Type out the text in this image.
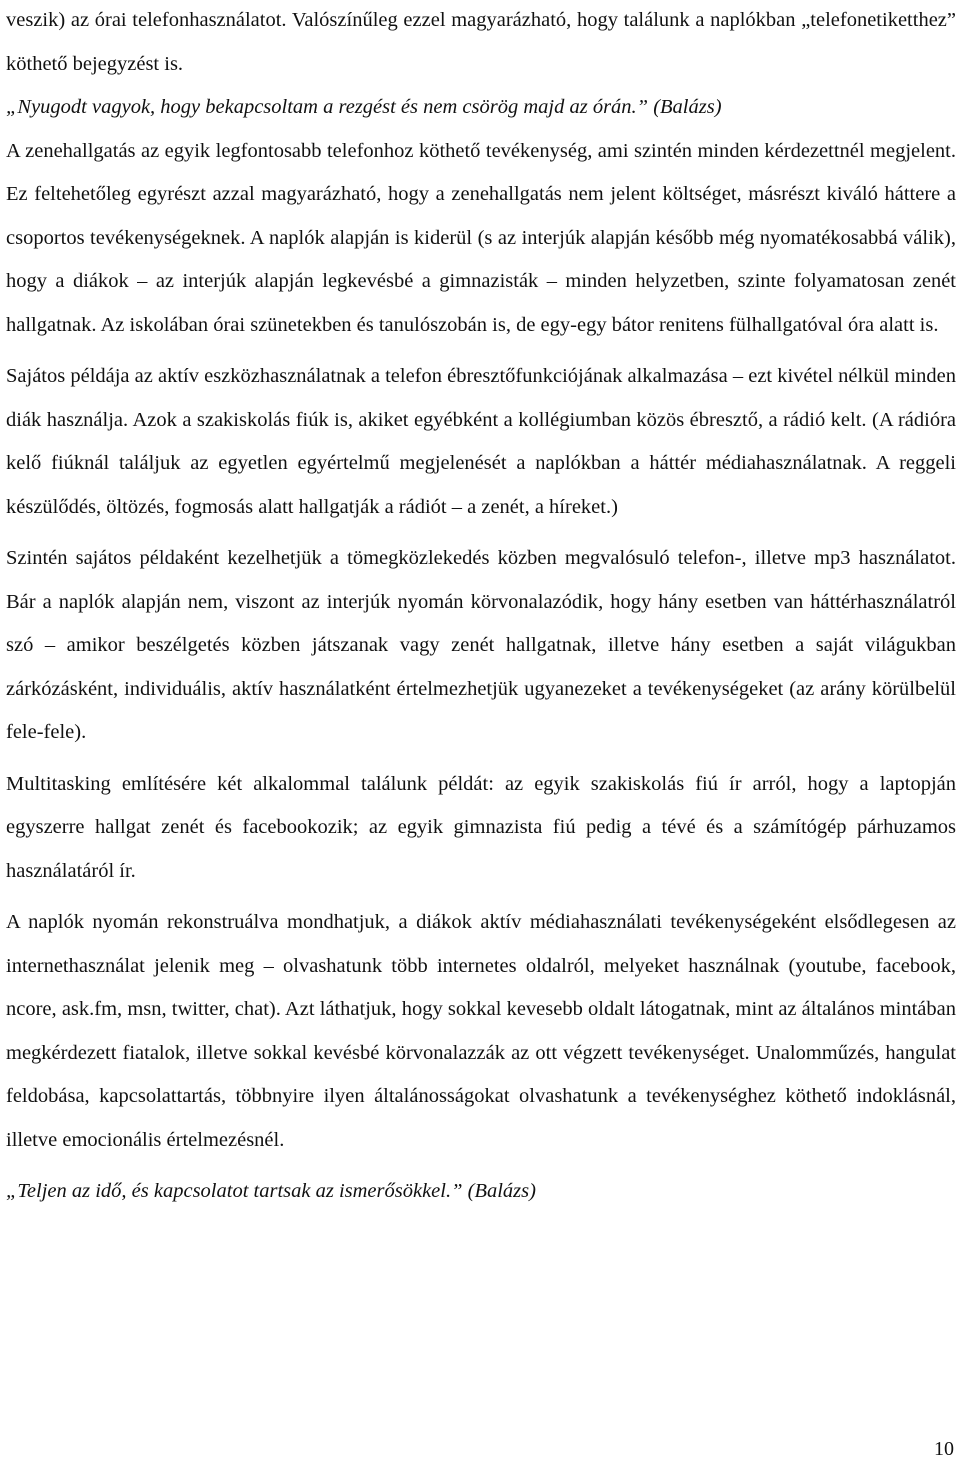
veszik) az órai telefonhasználatot. Valószínűleg ezzel magyarázható, hogy találunk a naplókban „telefonetiketthez” köthető bejegyzést is.

„Nyugodt vagyok, hogy bekapcsoltam a rezgést és nem csörög majd az órán.” (Balázs)

A zenehallgatás az egyik legfontosabb telefonhoz köthető tevékenység, ami szintén minden kérdezettnél megjelent. Ez feltehetőleg egyrészt azzal magyarázható, hogy a zenehallgatás nem jelent költséget, másrészt kiváló háttere a csoportos tevékenységeknek. A naplók alapján is kiderül (s az interjúk alapján később még nyomatékosabbá válik), hogy a diákok – az interjúk alapján legkevésbé a gimnazisták – minden helyzetben, szinte folyamatosan zenét hallgatnak. Az iskolában órai szünetekben és tanulószobán is, de egy-egy bátor renitens fülhallgatóval óra alatt is.

Sajátos példája az aktív eszközhasználatnak a telefon ébresztőfunkciójának alkalmazása – ezt kivétel nélkül minden diák használja. Azok a szakiskolás fiúk is, akiket egyébként a kollégiumban közös ébresztő, a rádió kelt. (A rádióra kelő fiúknál találjuk az egyetlen egyértelmű megjelenését a naplókban a háttér médiahasználatnak. A reggeli készülődés, öltözés, fogmosás alatt hallgatják a rádiót – a zenét, a híreket.)

Szintén sajátos példaként kezelhetjük a tömegközlekedés közben megvalósuló telefon-, illetve mp3 használatot. Bár a naplók alapján nem, viszont az interjúk nyomán körvonalazódik, hogy hány esetben van háttérhasználatról szó – amikor beszélgetés közben játszanak vagy zenét hallgatnak, illetve hány esetben a saját világukban zárkózásként, individuális, aktív használatként értelmezhetjük ugyanezeket a tevékenységeket (az arány körülbelül fele-fele).

Multitasking említésére két alkalommal találunk példát: az egyik szakiskolás fiú ír arról, hogy a laptopján egyszerre hallgat zenét és facebookozik; az egyik gimnazista fiú pedig a tévé és a számítógép párhuzamos használatáról ír.

A naplók nyomán rekonstruálva mondhatjuk, a diákok aktív médiahasználati tevékenységeként elsődlegesen az internethasználat jelenik meg – olvashatunk több internetes oldalról, melyeket használnak (youtube, facebook, ncore, ask.fm, msn, twitter, chat). Azt láthatjuk, hogy sokkal kevesebb oldalt látogatnak, mint az általános mintában megkérdezett fiatalok, illetve sokkal kevésbé körvonalazzák az ott végzett tevékenységet. Unalomműzés, hangulat feldobása, kapcsolattartás, többnyire ilyen általánosságokat olvashatunk a tevékenységhez köthető indoklásnál, illetve emocionális értelmezésnél.

„Teljen az idő, és kapcsolatot tartsak az ismerősökkel.” (Balázs)

10
